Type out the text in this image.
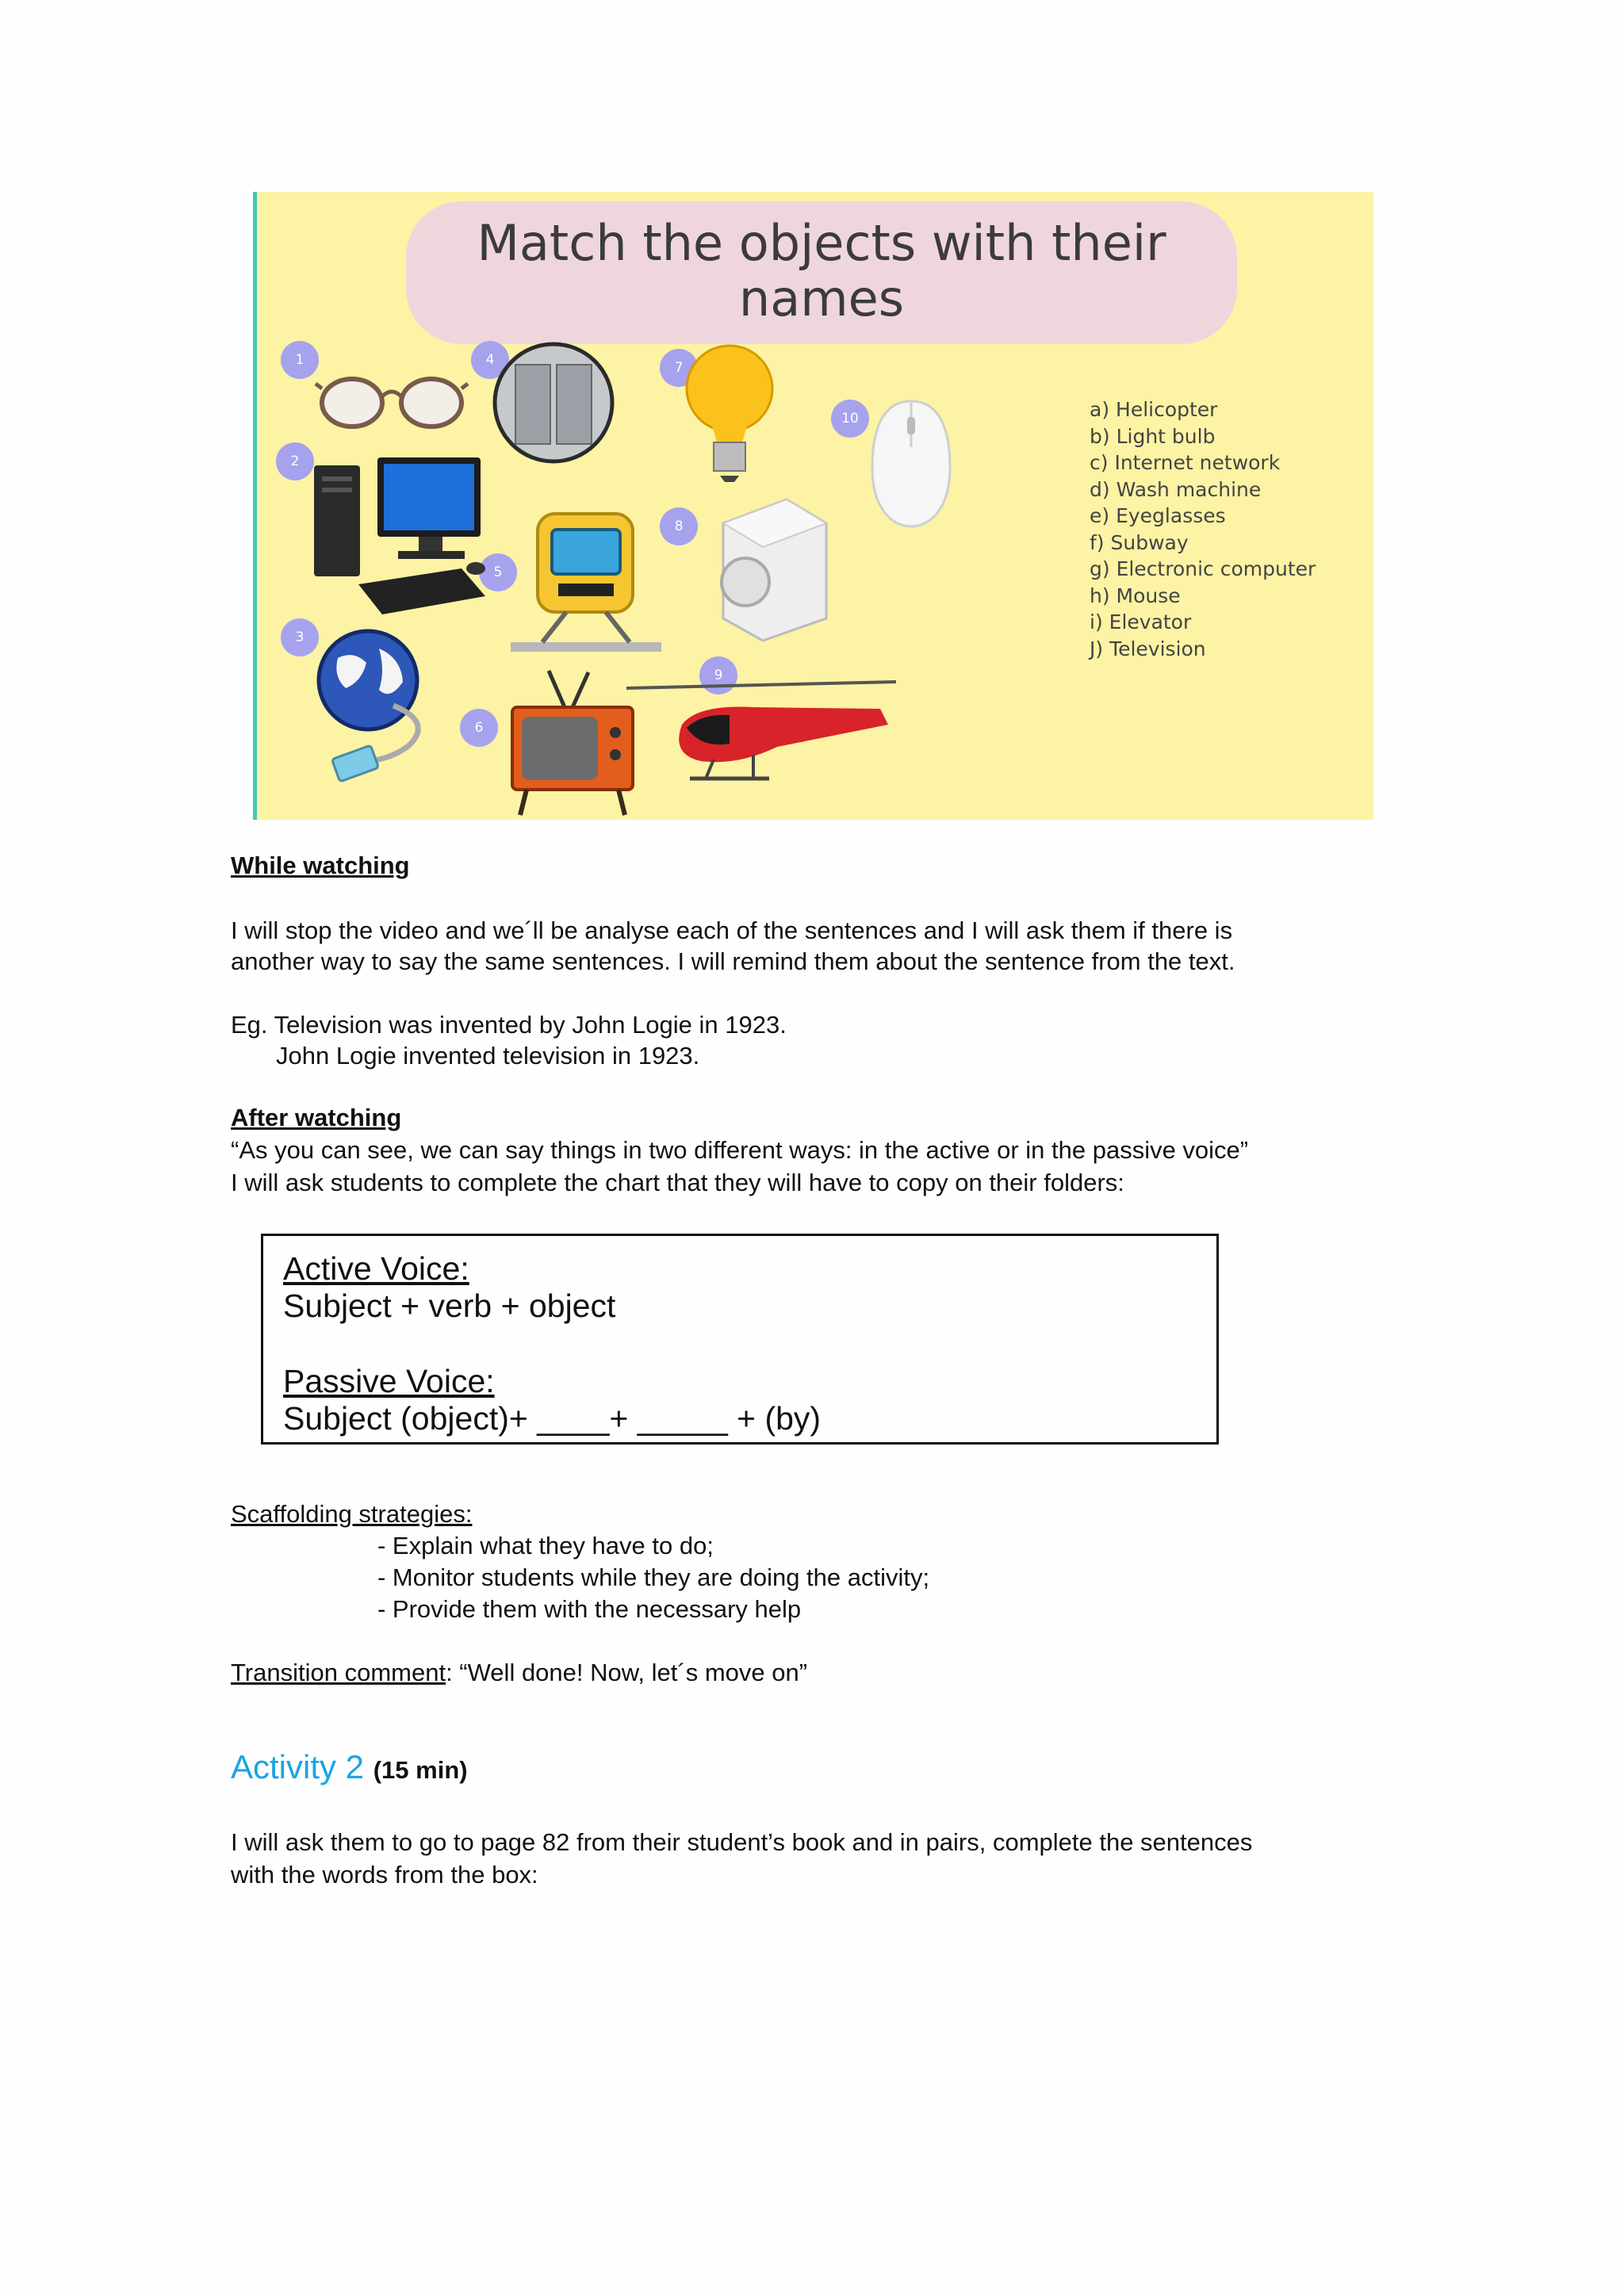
Match the objects with their
names
1
2
3
4
5
6
7
8
9
10	a) Helicopter
b) Light bulb
c) Internet network
d) Wash machine
e) Eyeglasses
f) Subway
g) Electronic computer
h) Mouse
i) Elevator
J) Television
While watching
I will stop the video and we´ll be analyse each of the sentences and I will ask them if there is
another way to say the same sentences. I will remind them about the sentence from the text.
Eg. Television was invented by John Logie in 1923.
John Logie invented television in 1923.
After watching
“As you can see, we can say things in two different ways: in the active or in the passive voice”
I will ask students to complete the chart that they will have to copy on their folders:
Active Voice:
Subject + verb + object
Passive Voice:
Subject (object)+ ____+ _____ + (by)
Scaffolding strategies:
- Explain what they have to do;
- Monitor students while they are doing the activity;
- Provide them with the necessary help
Transition comment: “Well done! Now, let´s move on”
Activity 2 (15 min)
I will ask them to go to page 82 from their student’s book and in pairs, complete the sentences
with the words from the box:
